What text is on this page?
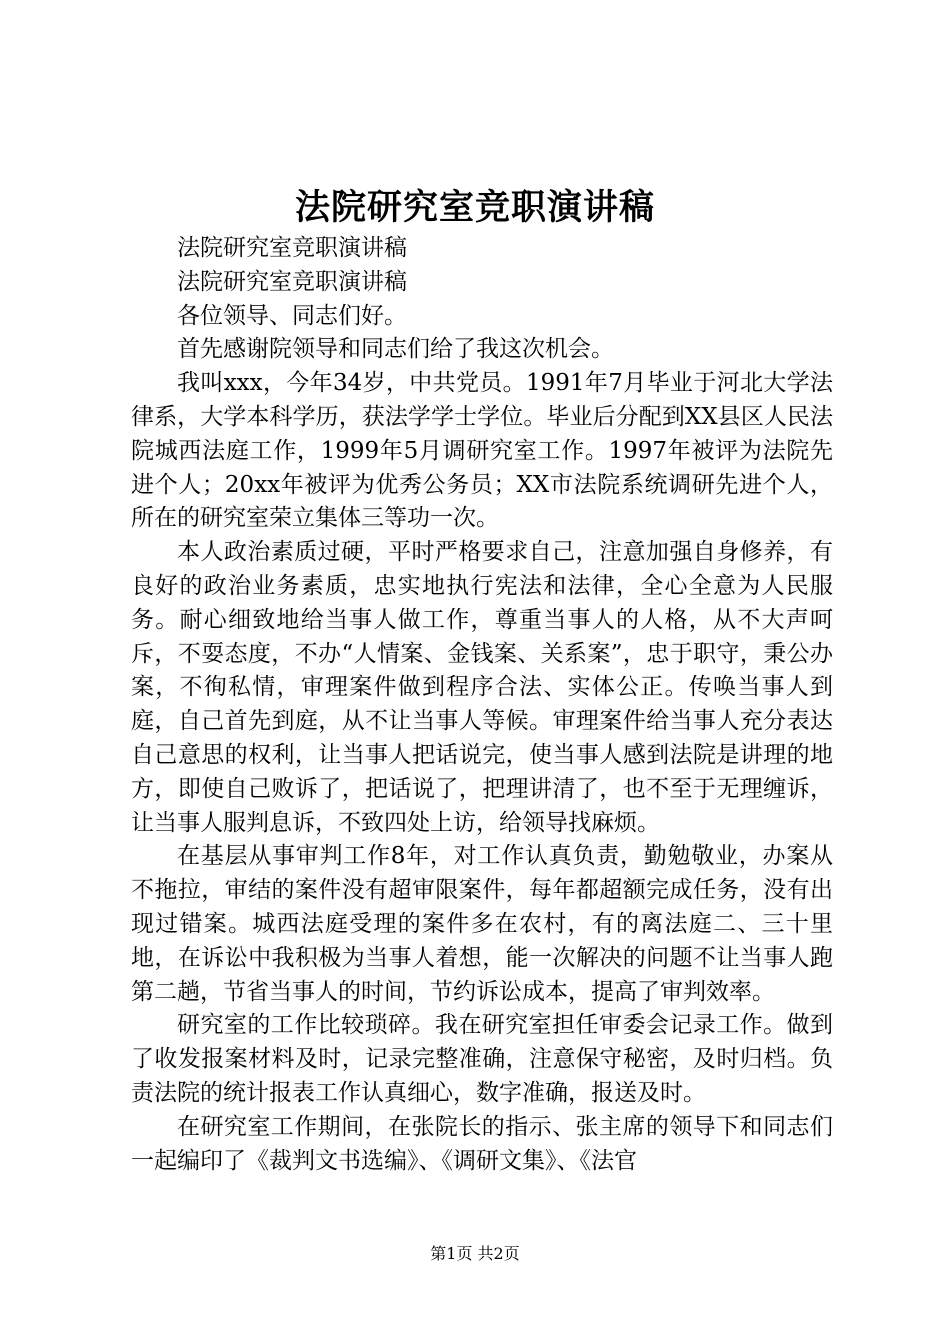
法院研究室竞职演讲稿

法院研究室竞职演讲稿

法院研究室竞职演讲稿

各位领导、同志们好。

首先感谢院领导和同志们给了我这次机会。

我叫xxx，今年34岁，中共党员。1991年7月毕业于河北大学法律系，大学本科学历，获法学学士学位。毕业后分配到XX县区人民法院城西法庭工作，1999年5月调研究室工作。1997年被评为法院先进个人；20xx年被评为优秀公务员；XX市法院系统调研先进个人，所在的研究室荣立集体三等功一次。

本人政治素质过硬，平时严格要求自己，注意加强自身修养，有良好的政治业务素质，忠实地执行宪法和法律，全心全意为人民服务。耐心细致地给当事人做工作，尊重当事人的人格，从不大声呵斥，不耍态度，不办“人情案、金钱案、关系案”，忠于职守，秉公办案，不徇私情，审理案件做到程序合法、实体公正。传唤当事人到庭，自己首先到庭，从不让当事人等候。审理案件给当事人充分表达自己意思的权利，让当事人把话说完，使当事人感到法院是讲理的地方，即使自己败诉了，把话说了，把理讲清了，也不至于无理缠诉，让当事人服判息诉，不致四处上访，给领导找麻烦。

在基层从事审判工作8年，对工作认真负责，勤勉敬业，办案从不拖拉，审结的案件没有超审限案件，每年都超额完成任务，没有出现过错案。城西法庭受理的案件多在农村，有的离法庭二、三十里地，在诉讼中我积极为当事人着想，能一次解决的问题不让当事人跑第二趟，节省当事人的时间，节约诉讼成本，提高了审判效率。

研究室的工作比较琐碎。我在研究室担任审委会记录工作。做到了收发报案材料及时，记录完整准确，注意保守秘密，及时归档。负责法院的统计报表工作认真细心，数字准确，报送及时。

在研究室工作期间，在张院长的指示、张主席的领导下和同志们一起编印了《裁判文书选编》、《调研文集》、《法官

第1页 共2页
